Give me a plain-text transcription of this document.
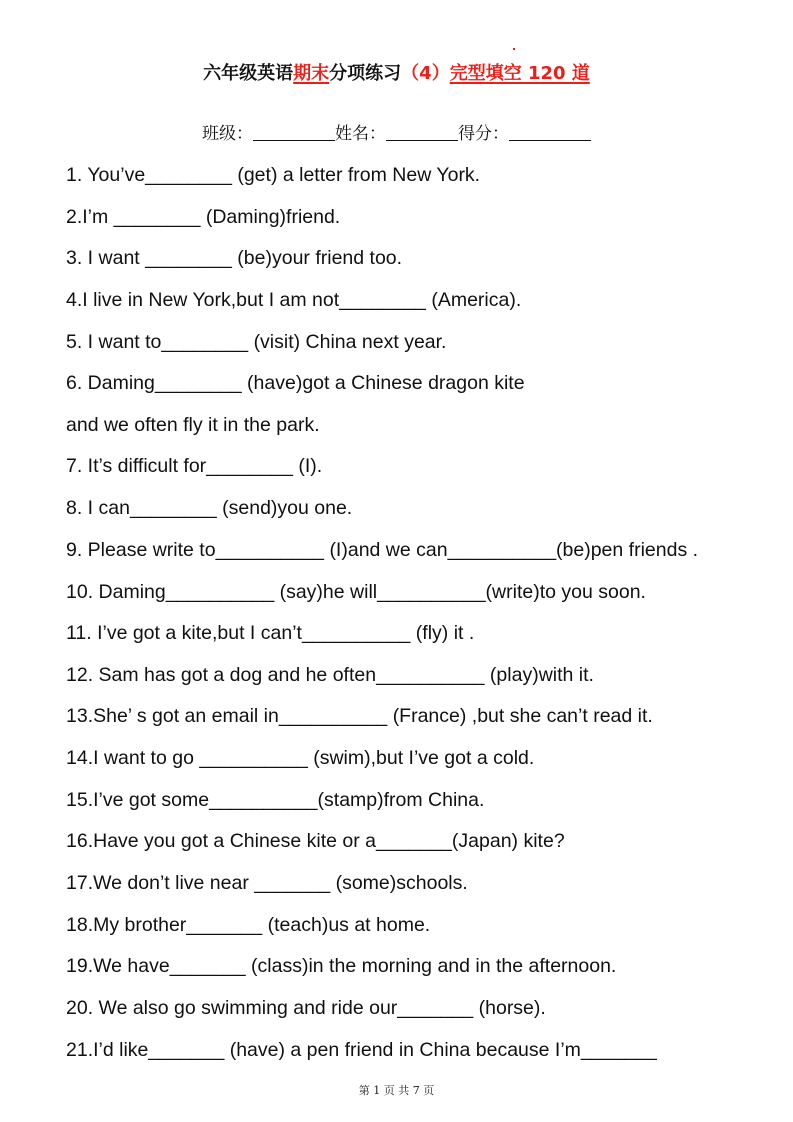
六年级英语期末分项练习（4）完型填空 120 道
班级：	姓名：	得分：
1. You’ve________ (get) a letter from New York.
2.I’m ________ (Daming)friend.
3. I want ________ (be)your friend too.
4.I live in New York,but I am not________ (America).
5. I want to________ (visit) China next year.
6. Daming________ (have)got a Chinese dragon kite
and we often fly it in the park.
7. It’s difficult for________ (I).
8. I can________ (send)you one.
9. Please write to__________ (I)and we can__________(be)pen friends .
10. Daming__________ (say)he will__________(write)to you soon.
11. I’ve got a kite,but I can’t__________ (fly) it .
12. Sam has got a dog and he often__________ (play)with it.
13.She’ s got an email in__________ (France) ,but she can’t read it.
14.I want to go __________ (swim),but I’ve got a cold.
15.I’ve got some__________(stamp)from China.
16.Have you got a Chinese kite or a_______(Japan) kite?
17.We don’t live near _______ (some)schools.
18.My brother_______ (teach)us at home.
19.We have_______ (class)in the morning and in the afternoon.
20. We also go swimming and ride our_______ (horse).
21.I’d like_______ (have) a pen friend in China because I’m_______
第 1 页 共 7 页
